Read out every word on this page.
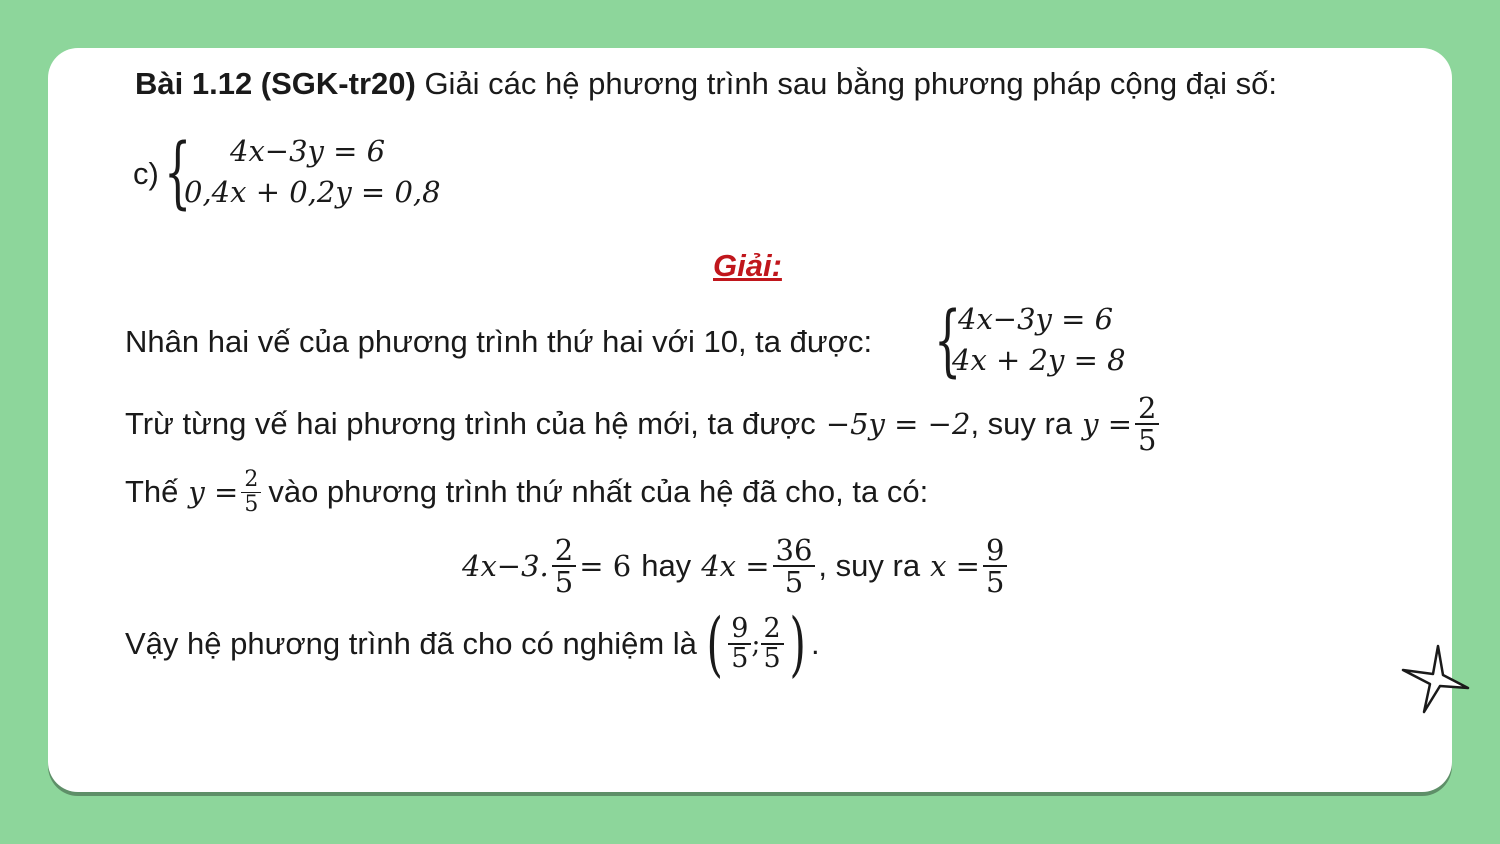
Bài 1.12 (SGK-tr20) Giải các hệ phương trình sau bằng phương pháp cộng đại số:
c) { 4x−3y = 6
0,4x + 0,2y = 0,8
Giải:
Nhân hai vế của phương trình thứ hai với 10, ta được: {
4x−3y = 6
4x + 2y = 8
Trừ từng vế hai phương trình của hệ mới, ta được −5y = −2 , suy ra $y = \frac{2}{5}$
Thế $y = \frac{2}{5}$ vào phương trình thứ nhất của hệ đã cho, ta có:
4x−3. $\frac{2}{5} = 6$ hay $4x = \frac{36}{5}$ , suy ra $x = \frac{9}{5}$
Vậy hệ phương trình đã cho có nghiệm là ( $\frac{9}{5}$ ; $\frac{2}{5}$ ) .
